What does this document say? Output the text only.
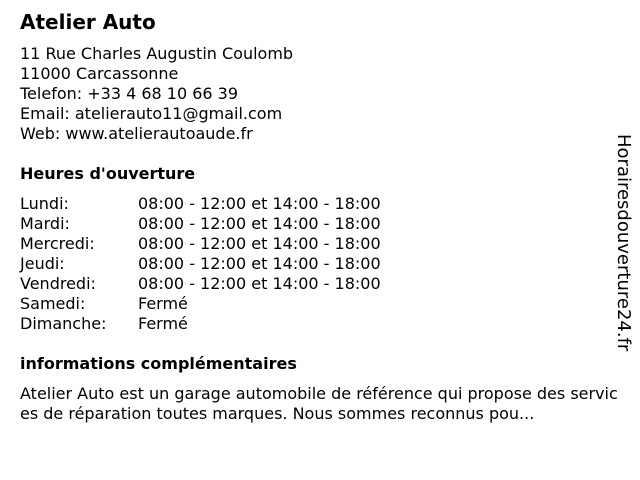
Atelier Auto
11 Rue Charles Augustin Coulomb
11000 Carcassonne
Telefon: +33 4 68 10 66 39
Email: atelierauto11@gmail.com
Web: www.atelierautoaude.fr
Heures d'ouverture
Lundi:	08:00 - 12:00 et 14:00 - 18:00
Mardi:	08:00 - 12:00 et 14:00 - 18:00
Mercredi:	08:00 - 12:00 et 14:00 - 18:00
Jeudi:	08:00 - 12:00 et 14:00 - 18:00
Vendredi:	08:00 - 12:00 et 14:00 - 18:00
Samedi:	Fermé
Dimanche:	Fermé
informations complémentaires
Atelier Auto est un garage automobile de référence qui propose des services de réparation toutes marques. Nous sommes reconnus pou...
Horairesdouverture24.fr
